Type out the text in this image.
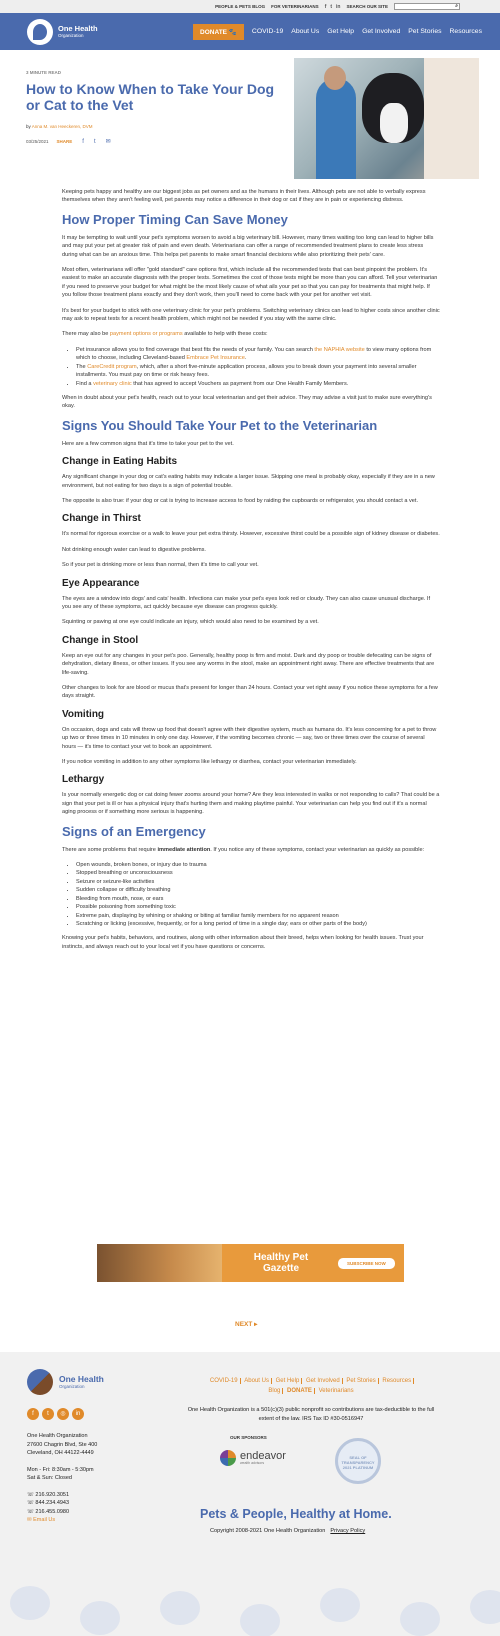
PEOPLE & PETS BLOG FOR VETERINARIANS f t in SEARCH OUR SITE	⌕
One Health
Organization	DONATE 🐾	COVID-19 About Us Get Help Get Involved Pet Stories Resources
3 MINUTE READ
How to Know When to Take Your Dog or Cat to the Vet
by Anna M. van Heeckeren, DVM
03/25/2021 SHARE f t ✉

Keeping pets happy and healthy are our biggest jobs as pet owners and as the humans in their lives. Although pets are not able to verbally express themselves when they aren't feeling well, pet parents may notice a difference in their dog or cat if they are in pain or experiencing distress.

How Proper Timing Can Save Money

It may be tempting to wait until your pet's symptoms worsen to avoid a big veterinary bill. However, many times waiting too long can lead to higher bills and may put your pet at greater risk of pain and even death. Veterinarians can offer a range of recommended treatment plans to create less stress during what can be an anxious time. This helps pet parents to make smart financial decisions while also prioritizing their pets' care.

Most often, veterinarians will offer "gold standard" care options first, which include all the recommended tests that can best pinpoint the problem. It's easiest to make an accurate diagnosis with the proper tests. Sometimes the cost of those tests might be more than you can afford. Tell your veterinarian if you need to preserve your budget for what might be the most likely cause of what ails your pet so that you can pay for treatments that might help. If you follow those treatment plans exactly and they don't work, then you'll need to come back with your pet for another vet visit.

It's best for your budget to stick with one veterinary clinic for your pet's problems. Switching veterinary clinics can lead to higher costs since another clinic may ask to repeat tests for a recent health problem, which might not be needed if you stay with the same clinic.

There may also be payment options or programs available to help with these costs:

• Pet insurance allows you to find coverage that best fits the needs of your family. You can search the NAPHIA website to view many options from which to choose, including Cleveland-based Embrace Pet Insurance.
• The CareCredit program, which, after a short five-minute application process, allows you to break down your payment into several smaller installments. You must pay on time or risk heavy fees.
• Find a veterinary clinic that has agreed to accept Vouchers as payment from our One Health Family Members.

When in doubt about your pet's health, reach out to your local veterinarian and get their advice. They may advise a visit just to make sure everything's okay.

Signs You Should Take Your Pet to the Veterinarian

Here are a few common signs that it's time to take your pet to the vet.

Change in Eating Habits

Any significant change in your dog or cat's eating habits may indicate a larger issue. Skipping one meal is probably okay, especially if they are in a new environment, but not eating for two days is a sign of potential trouble.

The opposite is also true: if your dog or cat is trying to increase access to food by raiding the cupboards or refrigerator, you should contact a vet.

Change in Thirst

It's normal for rigorous exercise or a walk to leave your pet extra thirsty. However, excessive thirst could be a possible sign of kidney disease or diabetes.

Not drinking enough water can lead to digestive problems.

So if your pet is drinking more or less than normal, then it's time to call your vet.

Eye Appearance

The eyes are a window into dogs' and cats' health. Infections can make your pet's eyes look red or cloudy. They can also cause unusual discharge. If you see any of these symptoms, act quickly because eye disease can progress quickly.

Squinting or pawing at one eye could indicate an injury, which would also need to be examined by a vet.

Change in Stool

Keep an eye out for any changes in your pet's poo. Generally, healthy poop is firm and moist. Dark and dry poop or trouble defecating can be signs of dehydration, dietary illness, or other issues. If you see any worms in the stool, make an appointment right away. There are effective treatments that are life-saving.

Other changes to look for are blood or mucus that's present for longer than 24 hours. Contact your vet right away if you notice these symptoms for a few days straight.

Vomiting

On occasion, dogs and cats will throw up food that doesn't agree with their digestive system, much as humans do. It's less concerning for a pet to throw up two or three times in 10 minutes in only one day. However, if the vomiting becomes chronic — say, two or three times over the course of several hours — it's time to contact your vet to book an appointment.

If you notice vomiting in addition to any other symptoms like lethargy or diarrhea, contact your veterinarian immediately.

Lethargy

Is your normally energetic dog or cat doing fewer zooms around your home? Are they less interested in walks or not responding to calls? That could be a sign that your pet is ill or has a physical injury that's hurting them and making playtime painful. Your veterinarian can help you find out if it's a normal aging process or if something more serious is happening.

Signs of an Emergency

There are some problems that require immediate attention. If you notice any of these symptoms, contact your veterinarian as quickly as possible:

• Open wounds, broken bones, or injury due to trauma
• Stopped breathing or unconsciousness
• Seizure or seizure-like activities
• Sudden collapse or difficulty breathing
• Bleeding from mouth, nose, or ears
• Possible poisoning from something toxic
• Extreme pain, displaying by whining or shaking or biting at familiar family members for no apparent reason
• Scratching or licking (excessive, frequently, or for a long period of time in a single day; ears or other parts of the body)

Knowing your pet's habits, behaviors, and routines, along with other information about their breed, helps when looking for health issues. Trust your instincts, and always reach out to your local vet if you have questions or concerns.

Healthy Pet Gazette	SUBSCRIBE NOW
NEXT ▸
One Health
Organization
f	t	◎	in
One Health Organization
27600 Chagrin Blvd, Ste 400
Cleveland, OH 44122-4449
Mon - Fri: 8:30am - 5:30pm
Sat & Sun: Closed
☏ 216.920.3051
☏ 844.234.4943
☏ 216.455.0980
✉ Email Us
COVID-19 About Us Get Help Get Involved Pet Stories Resources
Blog DONATE Veterinarians
One Health Organization is a 501(c)(3) public nonprofit so contributions are tax-deductible to the full extent of the law. IRS Tax ID #30-0516947
OUR SPONSORS
endeavor
wealth advisors
SEAL OF TRANSPARENCY 2021 PLATINUM
Pets & People, Healthy at Home.
Copyright 2008-2021 One Health Organization Privacy Policy
